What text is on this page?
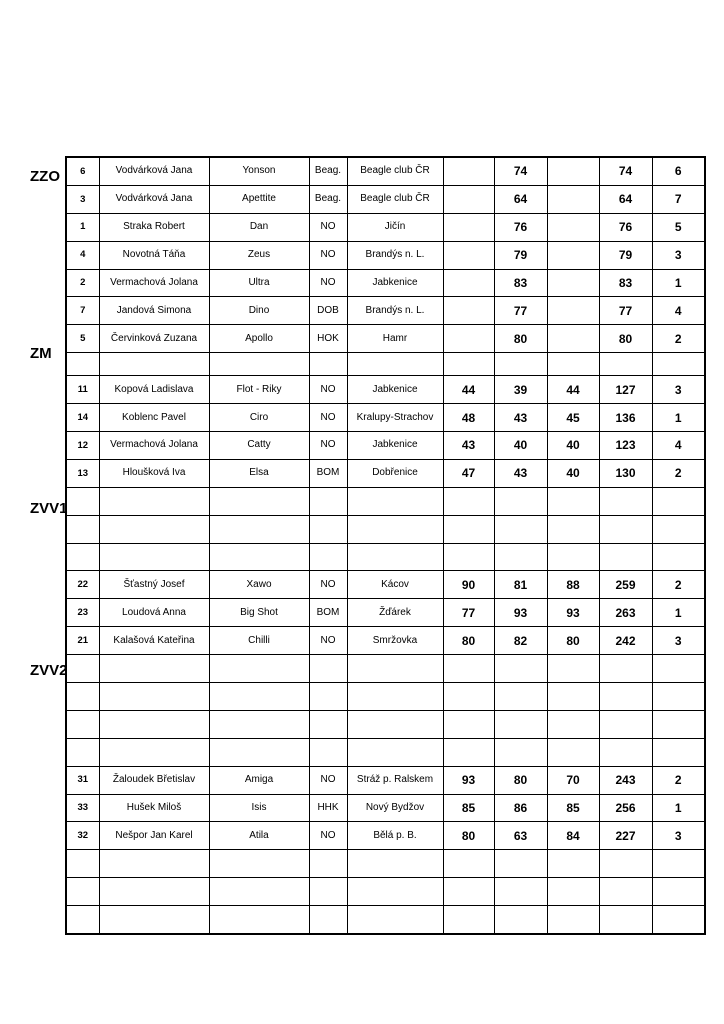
ZZO
ZM
ZVV1
ZVV2
6	Vodvárková Jana	Yonson	Beag.	Beagle club ČR		74		74	6
3	Vodvárková Jana	Apettite	Beag.	Beagle club ČR		64		64	7
1	Straka Robert	Dan	NO	Jičín		76		76	5
4	Novotná Táňa	Zeus	NO	Brandýs n. L.		79		79	3
2	Vermachová Jolana	Ultra	NO	Jabkenice		83		83	1
7	Jandová Simona	Dino	DOB	Brandýs n. L.		77		77	4
5	Červinková Zuzana	Apollo	HOK	Hamr		80		80	2

11	Kopová Ladislava	Flot - Riky	NO	Jabkenice	44	39	44	127	3
14	Koblenc Pavel	Ciro	NO	Kralupy-Strachov	48	43	45	136	1
12	Vermachová Jolana	Catty	NO	Jabkenice	43	40	40	123	4
13	Hloušková Iva	Elsa	BOM	Dobřenice	47	43	40	130	2

22	Šťastný Josef	Xawo	NO	Kácov	90	81	88	259	2
23	Loudová Anna	Big Shot	BOM	Žďárek	77	93	93	263	1
21	Kalašová Kateřina	Chilli	NO	Smržovka	80	82	80	242	3

31	Žaloudek Břetislav	Amiga	NO	Stráž p. Ralskem	93	80	70	243	2
33	Hušek Miloš	Isis	HHK	Nový Bydžov	85	86	85	256	1
32	Nešpor Jan Karel	Atila	NO	Bělá p. B.	80	63	84	227	3
